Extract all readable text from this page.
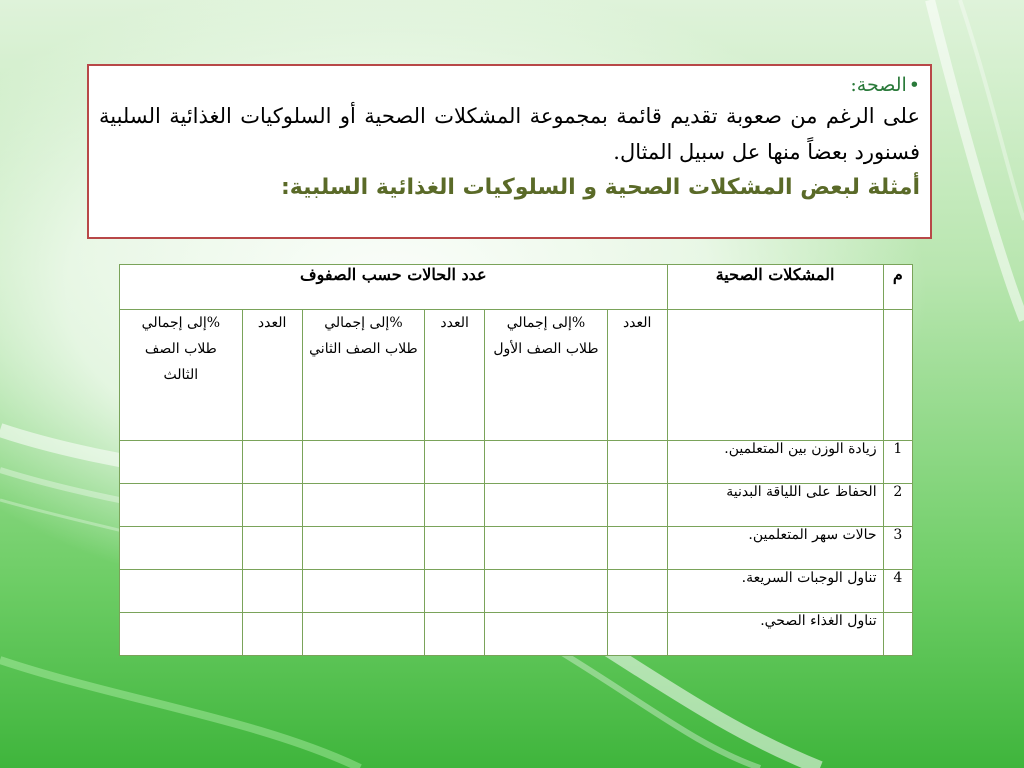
•الصحة:
على الرغم من صعوبة تقديم قائمة بمجموعة المشكلات الصحية أو السلوكيات الغذائية السلبية فسنورد بعضاً منها عل سبيل المثال.
أمثلة لبعض المشكلات الصحية و السلوكيات الغذائية السلبية:
م	المشكلات الصحية	عدد الحالات حسب الصفوف					
		العدد	%إلى إجمالي طلاب الصف الأول	العدد	%إلى إجمالي طلاب الصف الثاني	العدد	%إلى إجمالي طلاب الصف الثالث
1	زيادة الوزن بين المتعلمين.						
2	الحفاظ على اللياقة البدنية						
3	حالات سهر المتعلمين.						
4	تناول الوجبات السريعة.						
	تناول الغذاء الصحي.						
